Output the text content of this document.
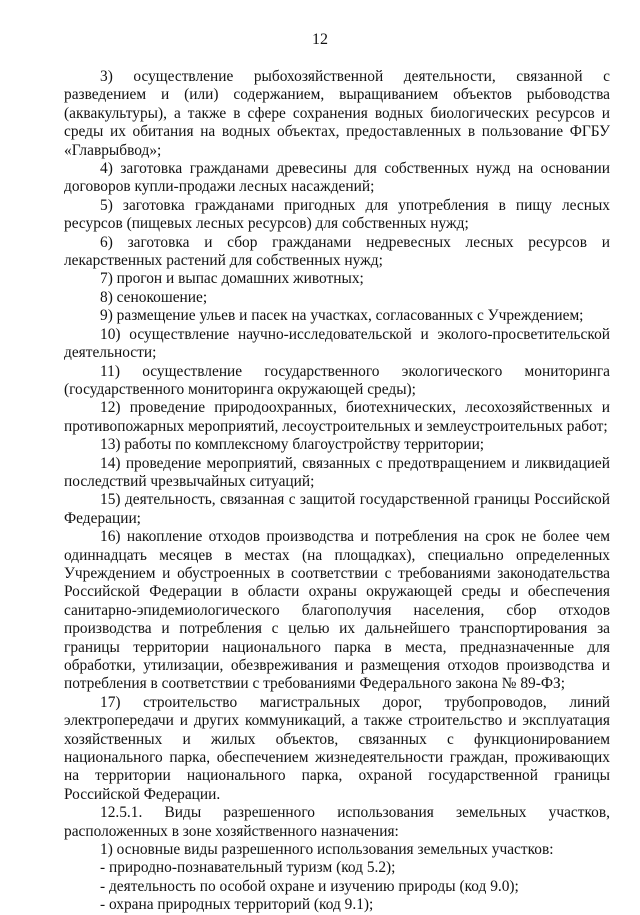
12

3) осуществление рыбохозяйственной деятельности, связанной с разведением и (или) содержанием, выращиванием объектов рыбоводства (аквакультуры), а также в сфере сохранения водных биологических ресурсов и среды их обитания на водных объектах, предоставленных в пользование ФГБУ «Главрыбвод»;

4) заготовка гражданами древесины для собственных нужд на основании договоров купли-продажи лесных насаждений;

5) заготовка гражданами пригодных для употребления в пищу лесных ресурсов (пищевых лесных ресурсов) для собственных нужд;

6) заготовка и сбор гражданами недревесных лесных ресурсов и лекарственных растений для собственных нужд;

7) прогон и выпас домашних животных;

8) сенокошение;

9) размещение ульев и пасек на участках, согласованных с Учреждением;

10) осуществление научно-исследовательской и эколого-просветительской деятельности;

11) осуществление государственного экологического мониторинга (государственного мониторинга окружающей среды);

12) проведение природоохранных, биотехнических, лесохозяйственных и противопожарных мероприятий, лесоустроительных и землеустроительных работ;

13) работы по комплексному благоустройству территории;

14) проведение мероприятий, связанных с предотвращением и ликвидацией последствий чрезвычайных ситуаций;

15) деятельность, связанная с защитой государственной границы Российской Федерации;

16) накопление отходов производства и потребления на срок не более чем одиннадцать месяцев в местах (на площадках), специально определенных Учреждением и обустроенных в соответствии с требованиями законодательства Российской Федерации в области охраны окружающей среды и обеспечения санитарно-эпидемиологического благополучия населения, сбор отходов производства и потребления с целью их дальнейшего транспортирования за границы территории национального парка в места, предназначенные для обработки, утилизации, обезвреживания и размещения отходов производства и потребления в соответствии с требованиями Федерального закона № 89-ФЗ;

17) строительство магистральных дорог, трубопроводов, линий электропередачи и других коммуникаций, а также строительство и эксплуатация хозяйственных и жилых объектов, связанных с функционированием национального парка, обеспечением жизнедеятельности граждан, проживающих на территории национального парка, охраной государственной границы Российской Федерации.

12.5.1. Виды разрешенного использования земельных участков, расположенных в зоне хозяйственного назначения:

1) основные виды разрешенного использования земельных участков:

- природно-познавательный туризм (код 5.2);

- деятельность по особой охране и изучению природы (код 9.0);

- охрана природных территорий (код 9.1);
